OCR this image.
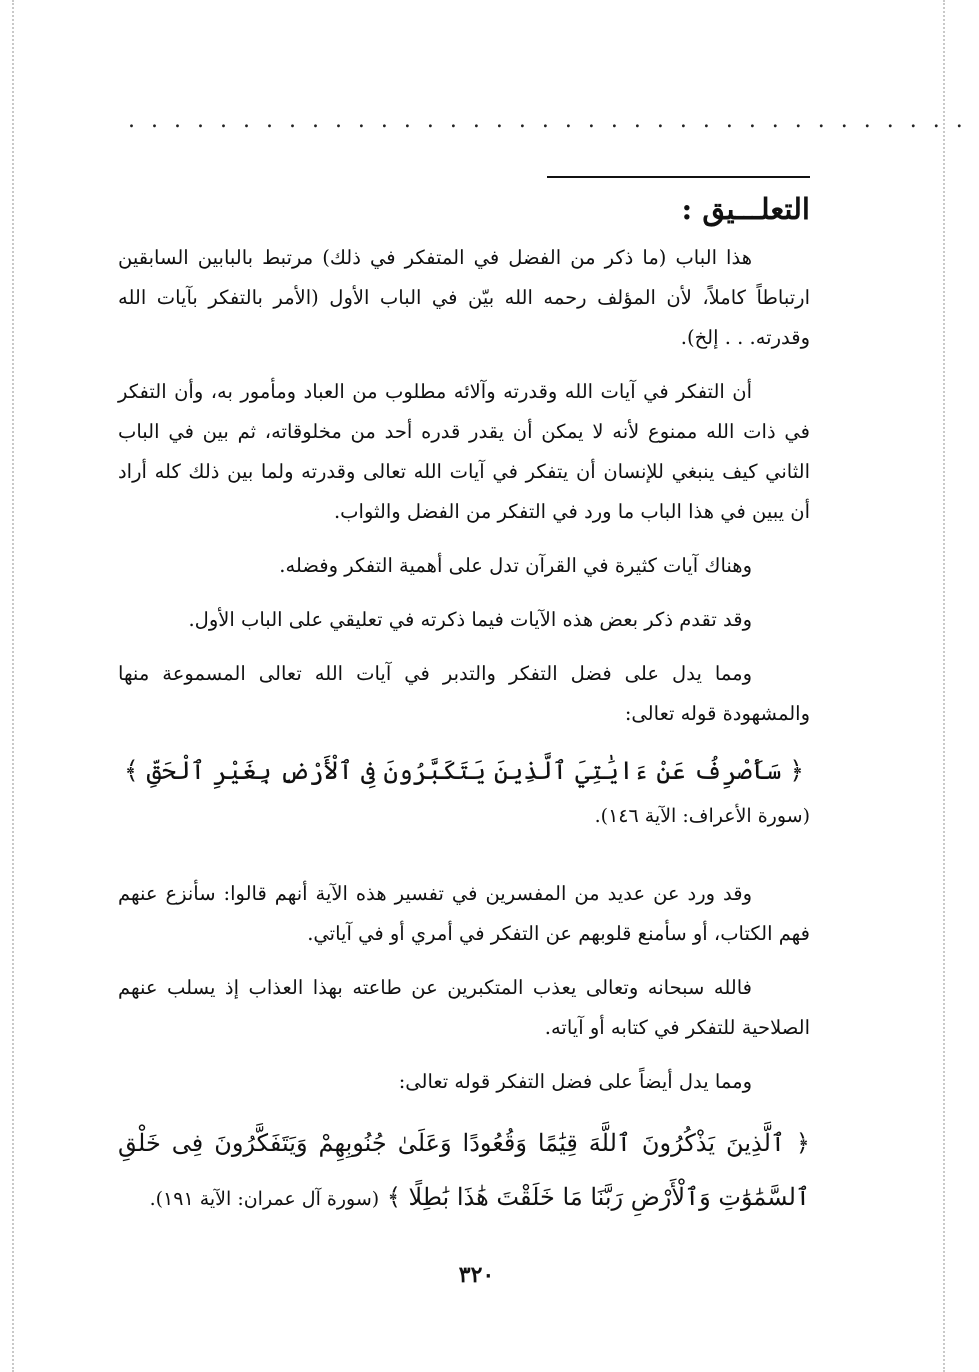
.....................................
التعلـــيق :

هذا الباب (ما ذكر من الفضل في المتفكر في ذلك) مرتبط بالبابين السابقين ارتباطاً كاملاً، لأن المؤلف رحمه الله بيّن في الباب الأول (الأمر بالتفكر بآيات الله وقدرته. . . إلخ).

أن التفكر في آيات الله وقدرته وآلائه مطلوب من العباد ومأمور به، وأن التفكر في ذات الله ممنوع لأنه لا يمكن أن يقدر قدره أحد من مخلوقاته، ثم بين في الباب الثاني كيف ينبغي للإنسان أن يتفكر في آيات الله تعالى وقدرته ولما بين ذلك كله أراد أن يبين في هذا الباب ما ورد في التفكر من الفضل والثواب.

وهناك آيات كثيرة في القرآن تدل على أهمية التفكر وفضله.

وقد تقدم ذكر بعض هذه الآيات فيما ذكرته في تعليقي على الباب الأول.

ومما يدل على فضل التفكر والتدبر في آيات الله تعالى المسموعة منها والمشهودة قوله تعالى:

﴿ سَأَصْرِفُ عَنْ ءَايَٰتِيَ ٱلَّذِينَ يَتَكَبَّرُونَ فِى ٱلْأَرْضِ بِغَيْرِ ٱلْحَقِّ ﴾
(سورة الأعراف: الآية ١٤٦).

وقد ورد عن عديد من المفسرين في تفسير هذه الآية أنهم قالوا: سأنزع عنهم فهم الكتاب، أو سأمنع قلوبهم عن التفكر في أمري أو في آياتي.

فالله سبحانه وتعالى يعذب المتكبرين عن طاعته بهذا العذاب إذ يسلب عنهم الصلاحية للتفكر في كتابه أو آياته.

ومما يدل أيضاً على فضل التفكر قوله تعالى:

﴿ ٱلَّذِينَ يَذْكُرُونَ ٱللَّهَ قِيَٰمًا وَقُعُودًا وَعَلَىٰ جُنُوبِهِمْ وَيَتَفَكَّرُونَ فِى خَلْقِ ٱلسَّمَٰوَٰتِ وَٱلْأَرْضِ رَبَّنَا مَا خَلَقْتَ هَٰذَا بَٰطِلًا ﴾ (سورة آل عمران: الآية ١٩١).

٣٢٠
